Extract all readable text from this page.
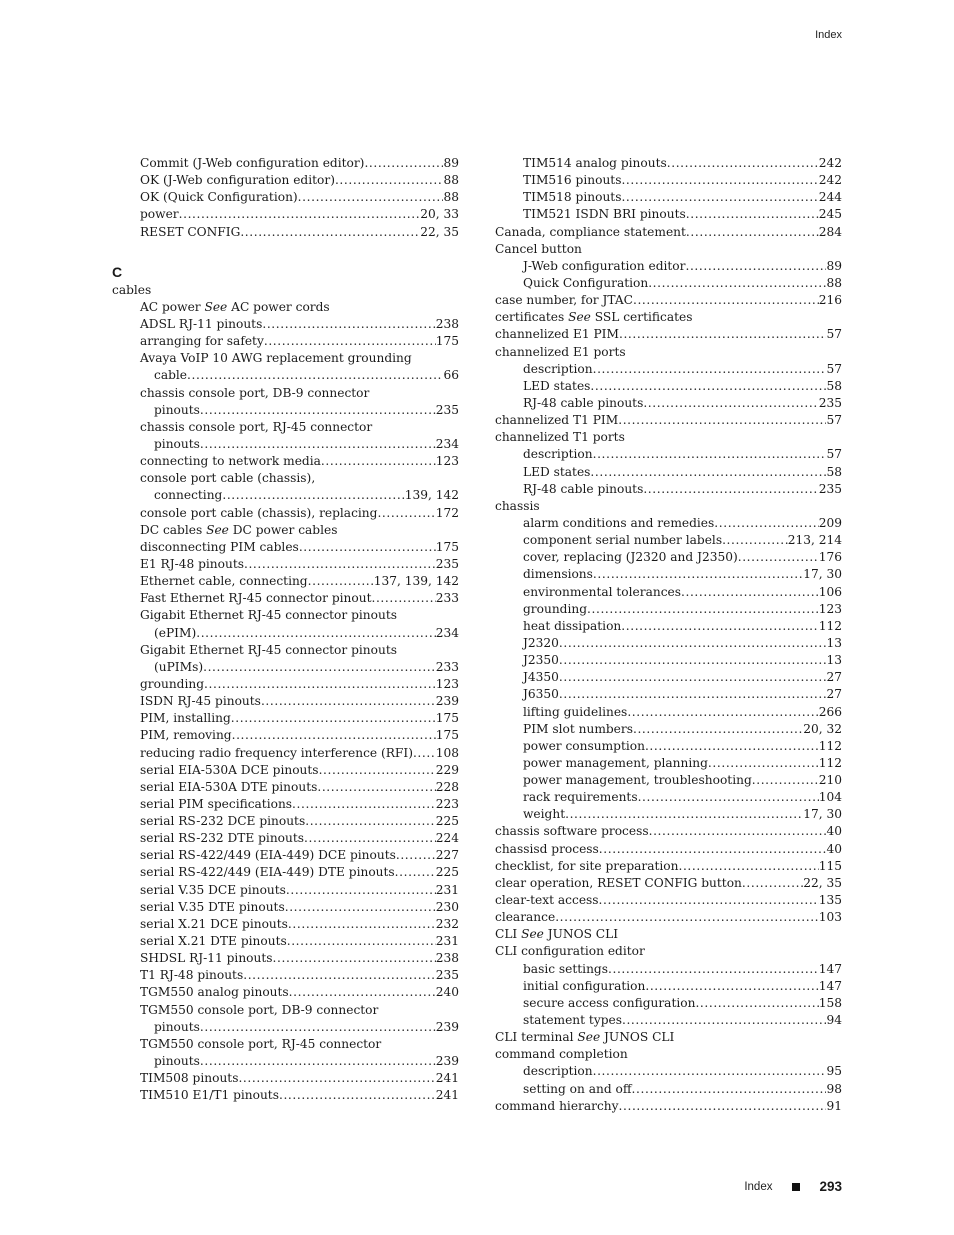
Index
Commit (J-Web configuration editor) .....	89
OK (J-Web configuration editor) .....	88
OK (Quick Configuration) .....	88
power .....	20, 33
RESET CONFIG .....	22, 35
C
cables
AC power See AC power cords
ADSL RJ-11 pinouts .....	238
arranging for safety .....	175
Avaya VoIP 10 AWG replacement grounding
cable .....	66
chassis console port, DB-9 connector
pinouts .....	235
chassis console port, RJ-45 connector
pinouts .....	234
connecting to network media .....	123
console port cable (chassis),
connecting .....	139, 142
console port cable (chassis), replacing .....	172
DC cables See DC power cables
disconnecting PIM cables .....	175
E1 RJ-48 pinouts .....	235
Ethernet cable, connecting .....	137, 139, 142
Fast Ethernet RJ-45 connector pinout .....	233
Gigabit Ethernet RJ-45 connector pinouts
(ePIM) .....	234
Gigabit Ethernet RJ-45 connector pinouts
(uPIMs) .....	233
grounding .....	123
ISDN RJ-45 pinouts .....	239
PIM, installing .....	175
PIM, removing .....	175
reducing radio frequency interference (RFI) ..... 108
serial EIA-530A DCE pinouts .....	229
serial EIA-530A DTE pinouts .....	228
serial PIM specifications .....	223
serial RS-232 DCE pinouts .....	225
serial RS-232 DTE pinouts .....	224
serial RS-422/449 (EIA-449) DCE pinouts .....	227
serial RS-422/449 (EIA-449) DTE pinouts .....	225
serial V.35 DCE pinouts .....	231
serial V.35 DTE pinouts .....	230
serial X.21 DCE pinouts .....	232
serial X.21 DTE pinouts .....	231
SHDSL RJ-11 pinouts .....	238
T1 RJ-48 pinouts .....	235
TGM550 analog pinouts .....	240
TGM550 console port, DB-9 connector
pinouts .....	239
TGM550 console port, RJ-45 connector
pinouts .....	239
TIM508 pinouts .....	241
TIM510 E1/T1 pinouts .....	241
TIM514 analog pinouts .....	242
TIM516 pinouts .....	242
TIM518 pinouts .....	244
TIM521 ISDN BRI pinouts .....	245
Canada, compliance statement .....	284
Cancel button
J-Web configuration editor .....	89
Quick Configuration .....	88
case number, for JTAC .....	216
certificates See SSL certificates
channelized E1 PIM .....	57
channelized E1 ports
description .....	57
LED states .....	58
RJ-48 cable pinouts .....	235
channelized T1 PIM .....	57
channelized T1 ports
description .....	57
LED states .....	58
RJ-48 cable pinouts .....	235
chassis
alarm conditions and remedies .....	209
component serial number labels .....	213, 214
cover, replacing (J2320 and J2350) .....	176
dimensions .....	17, 30
environmental tolerances .....	106
grounding .....	123
heat dissipation .....	112
J2320 .....	13
J2350 .....	13
J4350 .....	27
J6350 .....	27
lifting guidelines .....	266
PIM slot numbers .....	20, 32
power consumption .....	112
power management, planning .....	112
power management, troubleshooting .....	210
rack requirements .....	104
weight .....	17, 30
chassis software process .....	40
chassisd process .....	40
checklist, for site preparation .....	115
clear operation, RESET CONFIG button .....	22, 35
clear-text access .....	135
clearance .....	103
CLI See JUNOS CLI
CLI configuration editor
basic settings .....	147
initial configuration .....	147
secure access configuration .....	158
statement types .....	94
CLI terminal See JUNOS CLI
command completion
description .....	95
setting on and off .....	98
command hierarchy .....	91
Index	293
